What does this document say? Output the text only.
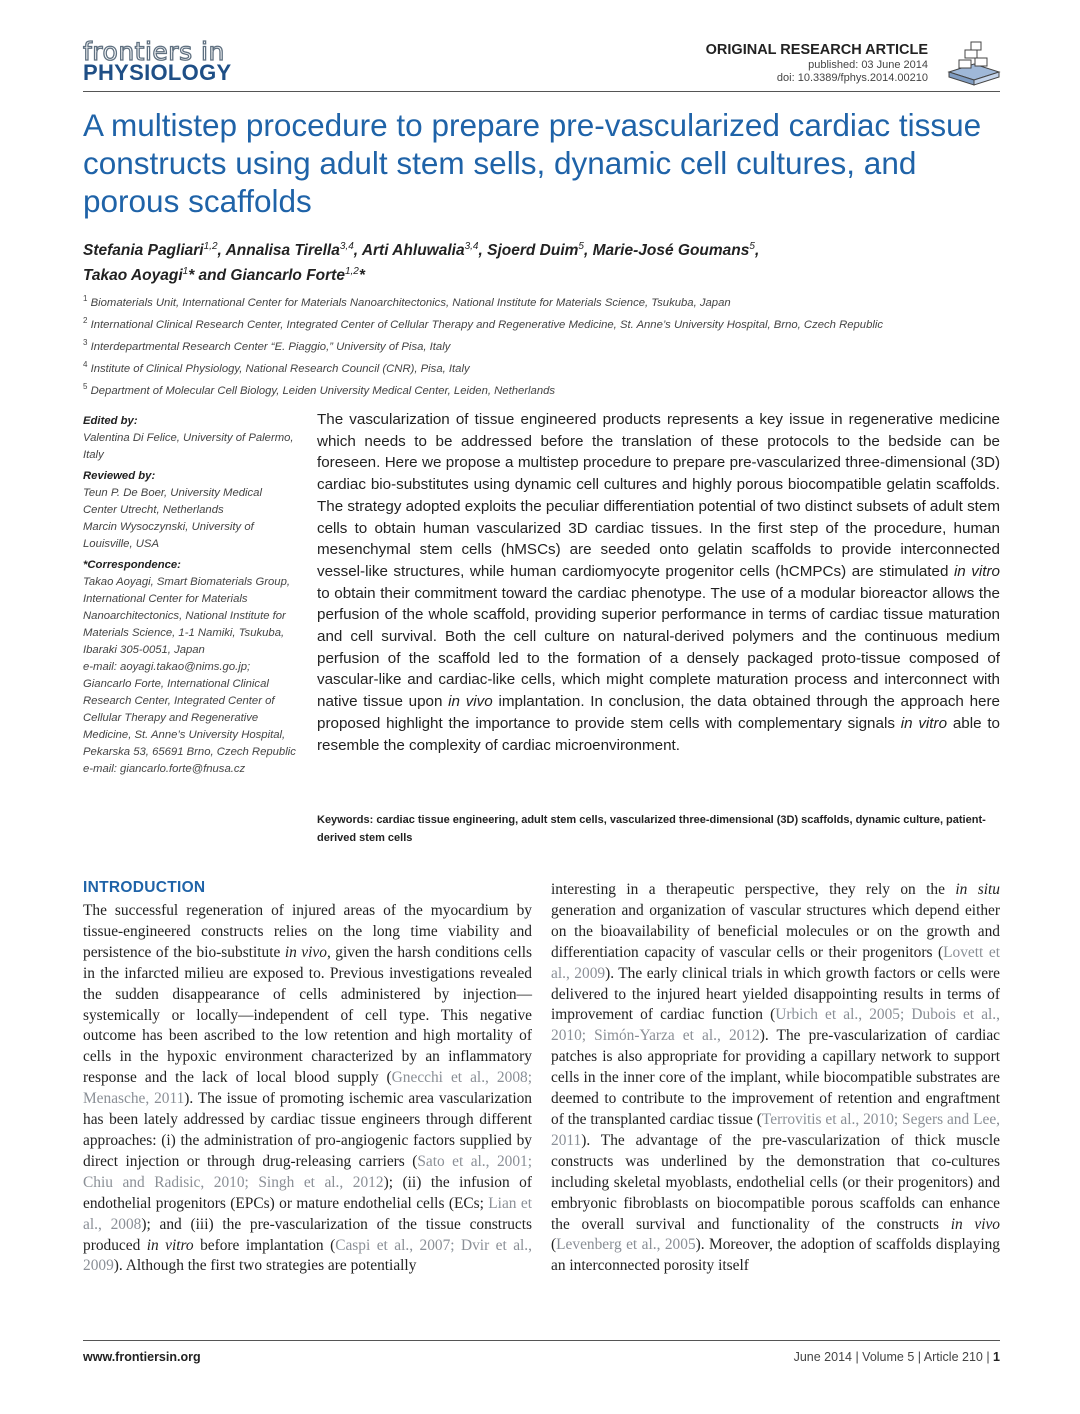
frontiers in
PHYSIOLOGY
ORIGINAL RESEARCH ARTICLE
published: 03 June 2014
doi: 10.3389/fphys.2014.00210
A multistep procedure to prepare pre-vascularized cardiac tissue constructs using adult stem sells, dynamic cell cultures, and porous scaffolds
Stefania Pagliari$^{1,2}$, Annalisa Tirella$^{3,4}$, Arti Ahluwalia$^{3,4}$, Sjoerd Duim$^5$, Marie-José Goumans$^5$,
Takao Aoyagi$^1$* and Giancarlo Forte$^{1,2}$*
$^1$ Biomaterials Unit, International Center for Materials Nanoarchitectonics, National Institute for Materials Science, Tsukuba, Japan
$^2$ International Clinical Research Center, Integrated Center of Cellular Therapy and Regenerative Medicine, St. Anne’s University Hospital, Brno, Czech Republic
$^3$ Interdepartmental Research Center “E. Piaggio,” University of Pisa, Italy
$^4$ Institute of Clinical Physiology, National Research Council (CNR), Pisa, Italy
$^5$ Department of Molecular Cell Biology, Leiden University Medical Center, Leiden, Netherlands

Edited by:
Valentina Di Felice, University of Palermo, Italy

Reviewed by:
Teun P. De Boer, University Medical Center Utrecht, Netherlands
Marcin Wysoczynski, University of Louisville, USA

*Correspondence:
Takao Aoyagi, Smart Biomaterials Group, International Center for Materials Nanoarchitectonics, National Institute for Materials Science, 1-1 Namiki, Tsukuba, Ibaraki 305-0051, Japan
e-mail: aoyagi.takao@nims.go.jp;
Giancarlo Forte, International Clinical Research Center, Integrated Center of Cellular Therapy and Regenerative Medicine, St. Anne’s University Hospital, Pekarska 53, 65691 Brno, Czech Republic
e-mail: giancarlo.forte@fnusa.cz

The vascularization of tissue engineered products represents a key issue in regenerative medicine which needs to be addressed before the translation of these protocols to the bedside can be foreseen. Here we propose a multistep procedure to prepare pre-vascularized three-dimensional (3D) cardiac bio-substitutes using dynamic cell cultures and highly porous biocompatible gelatin scaffolds. The strategy adopted exploits the peculiar differentiation potential of two distinct subsets of adult stem cells to obtain human vascularized 3D cardiac tissues. In the first step of the procedure, human mesenchymal stem cells (hMSCs) are seeded onto gelatin scaffolds to provide interconnected vessel-like structures, while human cardiomyocyte progenitor cells (hCMPCs) are stimulated in vitro to obtain their commitment toward the cardiac phenotype. The use of a modular bioreactor allows the perfusion of the whole scaffold, providing superior performance in terms of cardiac tissue maturation and cell survival. Both the cell culture on natural-derived polymers and the continuous medium perfusion of the scaffold led to the formation of a densely packaged proto-tissue composed of vascular-like and cardiac-like cells, which might complete maturation process and interconnect with native tissue upon in vivo implantation. In conclusion, the data obtained through the approach here proposed highlight the importance to provide stem cells with complementary signals in vitro able to resemble the complexity of cardiac microenvironment.
Keywords: cardiac tissue engineering, adult stem cells, vascularized three-dimensional (3D) scaffolds, dynamic culture, patient-derived stem cells
INTRODUCTION
The successful regeneration of injured areas of the myocardium by tissue-engineered constructs relies on the long time viability and persistence of the bio-substitute in vivo, given the harsh conditions cells in the infarcted milieu are exposed to. Previous investigations revealed the sudden disappearance of cells administered by injection—systemically or locally—independent of cell type. This negative outcome has been ascribed to the low retention and high mortality of cells in the hypoxic environment characterized by an inflammatory response and the lack of local blood supply (Gnecchi et al., 2008; Menasche, 2011). The issue of promoting ischemic area vascularization has been lately addressed by cardiac tissue engineers through different approaches: (i) the administration of pro-angiogenic factors supplied by direct injection or through drug-releasing carriers (Sato et al., 2001; Chiu and Radisic, 2010; Singh et al., 2012); (ii) the infusion of endothelial progenitors (EPCs) or mature endothelial cells (ECs; Lian et al., 2008); and (iii) the pre-vascularization of the tissue constructs produced in vitro before implantation (Caspi et al., 2007; Dvir et al., 2009). Although the first two strategies are potentially
interesting in a therapeutic perspective, they rely on the in situ generation and organization of vascular structures which depend either on the bioavailability of beneficial molecules or on the growth and differentiation capacity of vascular cells or their progenitors (Lovett et al., 2009). The early clinical trials in which growth factors or cells were delivered to the injured heart yielded disappointing results in terms of improvement of cardiac function (Urbich et al., 2005; Dubois et al., 2010; Simón-Yarza et al., 2012). The pre-vascularization of cardiac patches is also appropriate for providing a capillary network to support cells in the inner core of the implant, while biocompatible substrates are deemed to contribute to the improvement of retention and engraftment of the transplanted cardiac tissue (Terrovitis et al., 2010; Segers and Lee, 2011). The advantage of the pre-vascularization of thick muscle constructs was underlined by the demonstration that co-cultures including skeletal myoblasts, endothelial cells (or their progenitors) and embryonic fibroblasts on biocompatible porous scaffolds can enhance the overall survival and functionality of the constructs in vivo (Levenberg et al., 2005). Moreover, the adoption of scaffolds displaying an interconnected porosity itself
www.frontiersin.org	June 2014 | Volume 5 | Article 210 | 1
